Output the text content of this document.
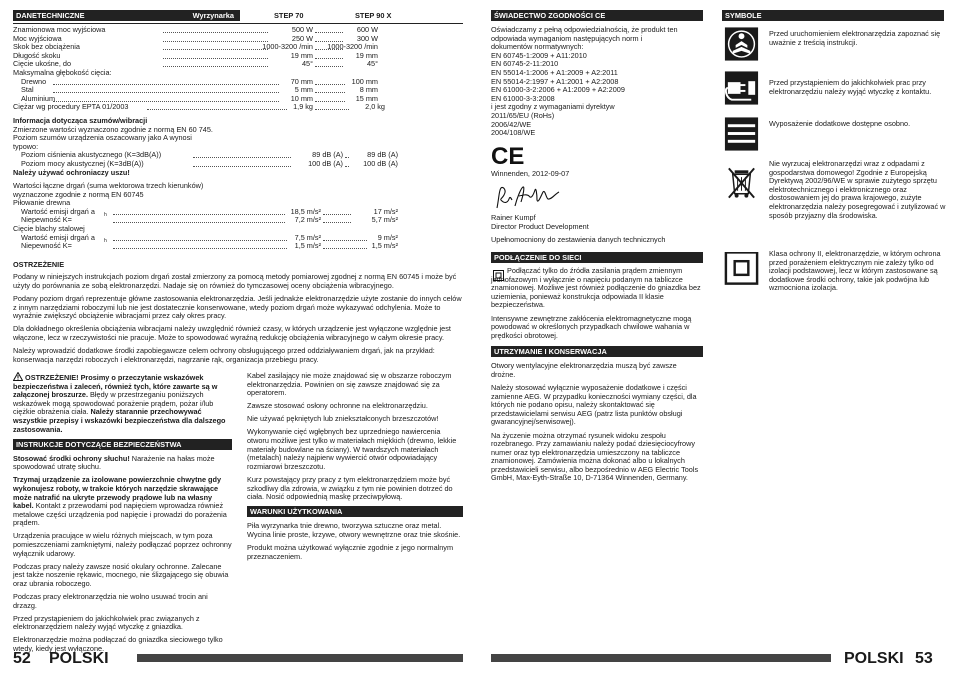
DANETECHNICZNE	Wyrzynarka	STEP 70	STEP 90 X
Znamionowa moc wyjściowa	500 W	600 W
Moc wyjściowa	250 W	300 W
Skok bez obciążenia	1000-3200 /min 1000-3200 /min
Długość skoku	19 mm	19 mm
Cięcie ukośne, do	45°	45°
Maksymalna głębokość cięcia:
Drewno	70 mm	100 mm
Stal	5 mm	8 mm
Aluminium	10 mm	15 mm
Ciężar wg procedury EPTA 01/2003	1,9 kg	2,0 kg

Informacja dotycząca szumów/wibracji

Zmierzone wartości wyznaczono zgodnie z normą EN 60 745.
Poziom szumów urządzenia oszacowany jako A wynosi
typowo:
Poziom ciśnienia akustycznego (K=3dB(A))	89 dB (A)	89 dB (A)
Poziom mocy akustycznej (K=3dB(A))	100 dB (A)	100 dB (A)

Należy używać ochroniaczy uszu!

Wartości łączne drgań (suma wektorowa trzech kierunków)
wyznaczone zgodnie z normą EN 60745
Piłowanie drewna
Wartość emisji drgań a h	18,5 m/s²	17 m/s²
Niepewność K=	7,2 m/s²	5,7 m/s²
Cięcie blachy stalowej
Wartość emisji drgań a h	7,5 m/s²	9 m/s²
Niepewność K=	1,5 m/s²	1,5 m/s²

OSTRZEŻENIE

Podany w niniejszych instrukcjach poziom drgań został zmierzony za pomocą metody pomiarowej zgodnej z normą EN 60745 i może być użyty do porównania ze sobą elektronarzędzi. Nadaje się on również do tymczasowej oceny obciążenia wibracyjnego.

Podany poziom drgań reprezentuje główne zastosowania elektronarzędzia. Jeśli jednakże elektronarzędzie użyte zostanie do innych celów z innym narzędziami roboczymi lub nie jest dostatecznie konserwowane, wtedy poziom drgań może wykazywać odchylenia. Może to wyraźnie zwiększyć obciążenie wibracjami przez cały okres pracy.

Dla dokładnego określenia obciążenia wibracjami należy uwzględnić również czasy, w których urządzenie jest wyłączone względnie jest włączone, lecz w rzeczywistości nie pracuje. Może to spowodować wyraźną redukcję obciążenia wibracyjnego w całym okresie pracy.

Należy wprowadzić dodatkowe środki zapobiegawcze celem ochrony obsługującego przed oddziaływaniem drgań, jak na przykład: konserwacja narzędzi roboczych i elektronarzędzi, nagrzanie rąk, organizacja przebiegu pracy.

OSTRZEŻENIE! Prosimy o przeczytanie wskazówek bezpieczeństwa i zaleceń, również tych, które zawarte są w załączonej broszurze. Błędy w przestrzeganiu poniższych wskazówek mogą spowodować porażenie prądem, pożar i/lub ciężkie obrażenia ciała. Należy starannie przechowywać wszystkie przepisy i wskazówki bezpieczeństwa dla dalszego zastosowania.

INSTRUKCJE DOTYCZĄCE BEZPIECZEŃSTWA

Stosować środki ochrony słuchu! Narażenie na hałas może spowodować utratę słuchu.

Trzymaj urządzenie za izolowane powierzchnie chwytne gdy wykonujesz roboty, w trakcie których narzędzie skrawające może natrafić na ukryte przewody prądowe lub na własny kabel. Kontakt z przewodami pod napięciem wprowadza również metalowe części urządzenia pod napięcie i prowadzi do porażenia prądem.

Urządzenia pracujące w wielu różnych miejscach, w tym poza pomieszczeniami zamkniętymi, należy podłączać poprzez ochronny wyłącznik udarowy.

Podczas pracy należy zawsze nosić okulary ochronne. Zalecane jest także noszenie rękawic, mocnego, nie ślizgającego się obuwia oraz ubrania roboczego.

Podczas pracy elektronarzędzia nie wolno usuwać trocin ani drzazg.

Przed przystąpieniem do jakichkolwiek prac związanych z elektronarzędziem należy wyjąć wtyczkę z gniazdka.

Elektronarzędzie można podłączać do gniazdka sieciowego tylko wtedy, kiedy jest wyłączone.

Kabel zasilający nie może znajdować się w obszarze roboczym elektronarzędzia. Powinien on się zawsze znajdować się za operatorem.

Zawsze stosować osłony ochronne na elektronarzędziu.

Nie używać pękniętych lub zniekształconych brzeszczotów!

Wykonywanie cięć wgłębnych bez uprzedniego nawiercenia otworu możliwe jest tylko w materiałach miękkich (drewno, lekkie materiały budowlane na ściany). W twardszych materiałach (metalach) należy najpierw wywiercić otwór odpowiadający rozmiarowi brzeszczotu.

Kurz powstający przy pracy z tym elektronarzędziem może być szkodliwy dla zdrowia, w związku z tym nie powinien dotrzeć do ciała. Nosić odpowiednią maskę przeciwpyłową.

WARUNKI UŻYTKOWANIA

Piła wyrzynarka tnie drewno, tworzywa sztuczne oraz metal. Wycina linie proste, krzywe, otwory wewnętrzne oraz tnie skośnie.

Produkt można użytkować wyłącznie zgodnie z jego normalnym przeznaczeniem.

52 POLSKI
ŚWIADECTWO ZGODNOŚCI CE
Oświadczamy z pełną odpowiedzialnością, że produkt ten
odpowiada wymaganiom następujących norm i
dokumentów normatywnych:
EN 60745-1:2009 + A11:2010
EN 60745-2-11:2010
EN 55014-1:2006 + A1:2009 + A2:2011
EN 55014-2:1997 + A1:2001 + A2:2008
EN 61000-3-2:2006 + A1:2009 + A2:2009
EN 61000-3-3:2008
i jest zgodny z wymaganiami dyrektyw
2011/65/EU (RoHs)
2006/42/WE
2004/108/WE
CE

Winnenden, 2012-09-07

Rainer Kumpf

Director Product Development

Upełnomocniony do zestawienia danych technicznych

PODŁĄCZENIE DO SIECI

Podłączać tylko do źródła zasilania prądem zmiennym jednofazowym i wyłącznie o napięciu podanym na tabliczce znamionowej. Możliwe jest również podłączenie do gniazdka bez uziemienia, ponieważ konstrukcja odpowiada II klasie bezpieczeństwa.

Intensywne zewnętrzne zakłócenia elektromagnetyczne mogą powodować w określonych przypadkach chwilowe wahania w prędkości obrotowej.

UTRZYMANIE I KONSERWACJA

Otwory wentylacyjne elektronarzędzia muszą być zawsze drożne.

Należy stosować wyłącznie wyposażenie dodatkowe i części zamienne AEG. W przypadku konieczności wymiany części, dla których nie podano opisu, należy skontaktować się przedstawicielami serwisu AEG (patrz lista punktów obsługi gwarancyjnej/serwisowej).

Na życzenie można otrzymać rysunek widoku zespołu rozebranego. Przy zamawianiu należy podać dziesięciocyfrowy numer oraz typ elektronarzędzia umieszczony na tabliczce znamionowej. Zamówienia można dokonać albo u lokalnych przedstawicieli serwisu, albo bezpośrednio w AEG Electric Tools GmbH, Max-Eyth-Straße 10, D-71364 Winnenden, Germany.

SYMBOLE
Przed uruchomieniem elektronarzędzia zapoznać się uważnie z treścią instrukcji.
Przed przystąpieniem do jakichkolwiek prac przy elektronarzędziu należy wyjąć wtyczkę z kontaktu.
Wyposażenie dodatkowe dostępne osobno.
Nie wyrzucaj elektronarzędzi wraz z odpadami z gospodarstwa domowego! Zgodnie z Europejską Dyrektywą 2002/96/WE w sprawie zużytego sprzętu elektrotechnicznego i elektronicznego oraz dostosowaniem jej do prawa krajowego, zużyte elektronarzędzia należy posegregować i zutylizować w sposób przyjazny dla środowiska.
Klasa ochrony II, elektronarzędzie, w którym ochrona przed porażeniem elektrycznym nie zależy tylko od izolacji podstawowej, lecz w którym zastosowane są dodatkowe środki ochrony, takie jak podwójna lub wzmocniona izolacja.
POLSKI 53
